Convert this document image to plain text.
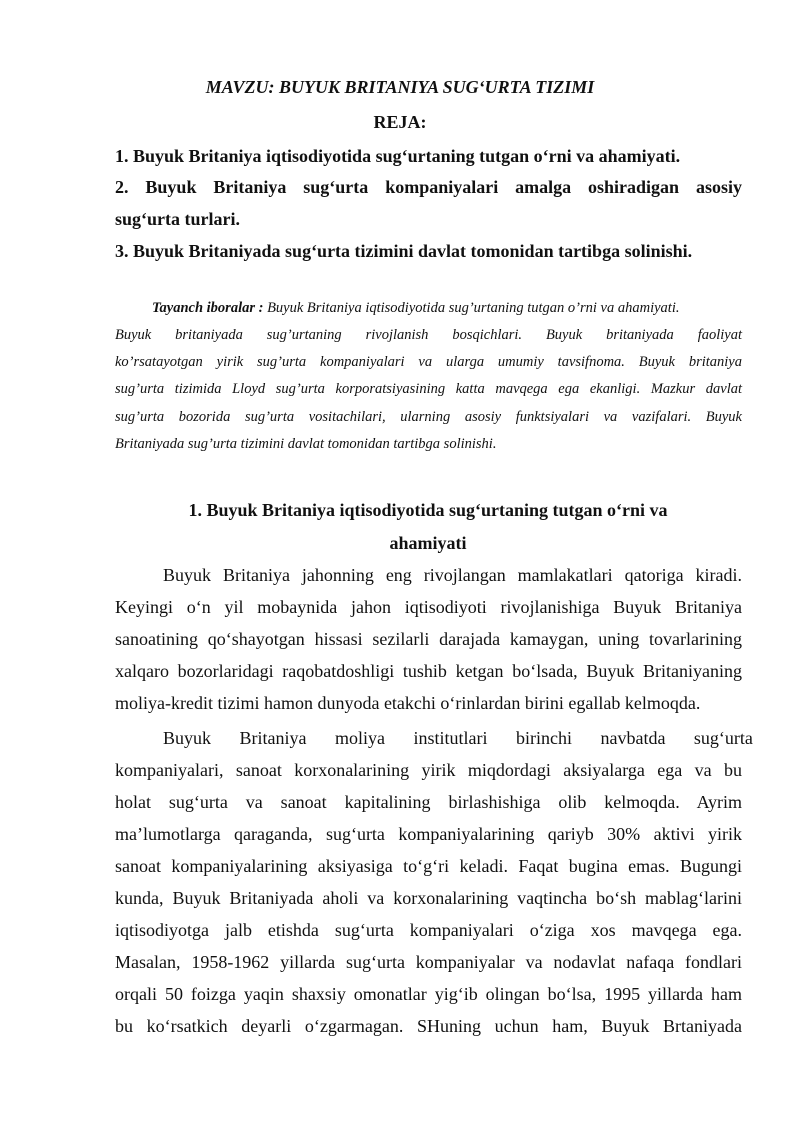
MAVZU: BUYUK BRITANIYA SUG‘URTA TIZIMI
REJA:
1. Buyuk Britaniya iqtisodiyotida sug‘urtaning tutgan o‘rni va ahamiyati.
2. Buyuk Britaniya sug‘urta kompaniyalari amalga oshiradigan asosiy
sug‘urta turlari.
3. Buyuk Britaniyada sug‘urta tizimini davlat tomonidan tartibga solinishi.
Tayanch iboralar : Buyuk Britaniya iqtisodiyotida sug’urtaning tutgan o’rni va ahamiyati.
Buyuk britaniyada sug’urtaning rivojlanish bosqichlari. Buyuk britaniyada faoliyat
ko’rsatayotgan yirik sug’urta kompaniyalari va ularga umumiy tavsifnoma. Buyuk britaniya
sug’urta tizimida Lloyd sug’urta korporatsiyasining katta mavqega ega ekanligi. Mazkur davlat
sug’urta bozorida sug’urta vositachilari, ularning asosiy funktsiyalari va vazifalari. Buyuk
Britaniyada sug’urta tizimini davlat tomonidan tartibga solinishi.
1. Buyuk Britaniya iqtisodiyotida sug‘urtaning tutgan o‘rni va
ahamiyati
Buyuk Britaniya jahonning eng rivojlangan mamlakatlari qatoriga kiradi.
Keyingi o‘n yil mobaynida jahon iqtisodiyoti rivojlanishiga Buyuk Britaniya
sanoatining qo‘shayotgan hissasi sezilarli darajada kamaygan, uning tovarlarining
xalqaro bozorlaridagi raqobatdoshligi tushib ketgan bo‘lsada, Buyuk Britaniyaning
moliya-kredit tizimi hamon dunyoda etakchi o‘rinlardan birini egallab kelmoqda.
Buyuk Britaniya moliya institutlari birinchi navbatda sug‘urta
kompaniyalari, sanoat korxonalarining yirik miqdordagi aksiyalarga ega va bu
holat sug‘urta va sanoat kapitalining birlashishiga olib kelmoqda. Ayrim
ma’lumotlarga qaraganda, sug‘urta kompaniyalarining qariyb 30% aktivi yirik
sanoat kompaniyalarining aksiyasiga to‘g‘ri keladi. Faqat bugina emas. Bugungi
kunda, Buyuk Britaniyada aholi va korxonalarining vaqtincha bo‘sh mablag‘larini
iqtisodiyotga jalb etishda sug‘urta kompaniyalari o‘ziga xos mavqega ega.
Masalan, 1958-1962 yillarda sug‘urta kompaniyalar va nodavlat nafaqa fondlari
orqali 50 foizga yaqin shaxsiy omonatlar yig‘ib olingan bo‘lsa, 1995 yillarda ham
bu ko‘rsatkich deyarli o‘zgarmagan. SHuning uchun ham, Buyuk Brtaniyada
